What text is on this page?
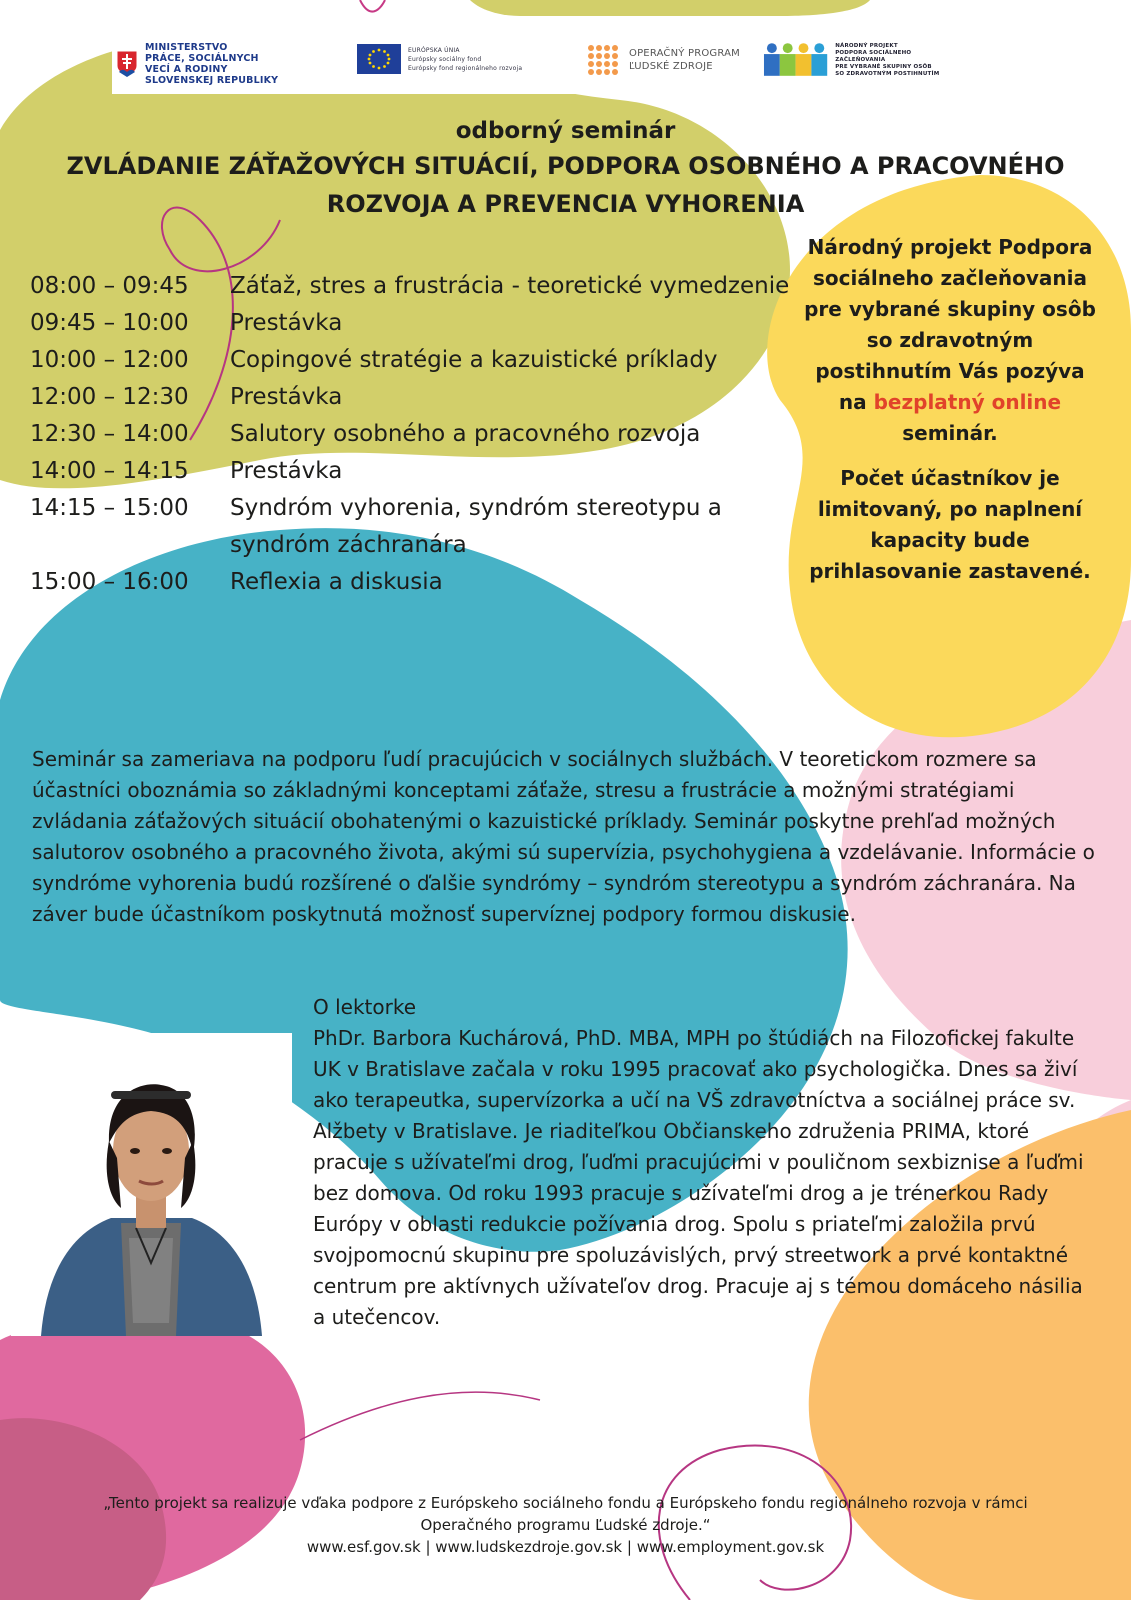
MINISTERSTVO
PRÁCE, SOCIÁLNYCH
VECÍ A RODINY
SLOVENSKEJ REPUBLIKY
EURÓPSKA ÚNIA
Európsky sociálny fond
Európsky fond regionálneho rozvoja
OPERAČNÝ PROGRAM
ĽUDSKÉ ZDROJE
NÁRODNÝ PROJEKT
PODPORA SOCIÁLNEHO ZAČLEŇOVANIA
PRE VYBRANÉ SKUPINY OSÔB
SO ZDRAVOTNÝM POSTIHNUTÍM
odborný seminár
ZVLÁDANIE ZÁŤAŽOVÝCH SITUÁCIÍ, PODPORA OSOBNÉHO A PRACOVNÉHO
ROZVOJA A PREVENCIA VYHORENIA
08:00 – 09:45	Záťaž, stres a frustrácia - teoretické vymedzenie
09:45 – 10:00	Prestávka
10:00 – 12:00	Copingové stratégie a kazuistické príklady
12:00 – 12:30	Prestávka
12:30 – 14:00	Salutory osobného a pracovného rozvoja
14:00 – 14:15	Prestávka
14:15 – 15:00	Syndróm vyhorenia, syndróm stereotypu a syndróm záchranára
15:00 – 16:00	Reflexia a diskusia

Národný projekt Podpora sociálneho začleňovania pre vybrané skupiny osôb so zdravotným postihnutím Vás pozýva na bezplatný online seminár.

Počet účastníkov je limitovaný, po naplnení kapacity bude prihlasovanie zastavené.

Seminár sa zameriava na podporu ľudí pracujúcich v sociálnych službách. V teoretickom rozmere sa účastníci oboznámia so základnými konceptami záťaže, stresu a frustrácie a možnými stratégiami zvládania záťažových situácií obohatenými o kazuistické príklady. Seminár poskytne prehľad možných salutorov osobného a pracovného života, akými sú supervízia, psychohygiena a vzdelávanie. Informácie o syndróme vyhorenia budú rozšírené o ďalšie syndrómy – syndróm stereotypu a syndróm záchranára. Na záver bude účastníkom poskytnutá možnosť supervíznej podpory formou diskusie.

O lektorke

PhDr. Barbora Kuchárová, PhD. MBA, MPH po štúdiách na Filozofickej fakulte UK v Bratislave začala v roku 1995 pracovať ako psychologička. Dnes sa živí ako terapeutka, supervízorka a učí na VŠ zdravotníctva a sociálnej práce sv. Alžbety v Bratislave. Je riaditeľkou Občianskeho združenia PRIMA, ktoré pracuje s užívateľmi drog, ľuďmi pracujúcimi v pouličnom sexbiznise a ľuďmi bez domova. Od roku 1993 pracuje s užívateľmi drog a je trénerkou Rady Európy v oblasti redukcie požívania drog. Spolu s priateľmi založila prvú svojpomocnú skupinu pre spoluzávislých, prvý streetwork a prvé kontaktné centrum pre aktívnych užívateľov drog. Pracuje aj s témou domáceho násilia a utečencov.

„Tento projekt sa realizuje vďaka podpore z Európskeho sociálneho fondu a Európskeho fondu regionálneho rozvoja v rámci

Operačného programu Ľudské zdroje.“

www.esf.gov.sk | www.ludskezdroje.gov.sk | www.employment.gov.sk
